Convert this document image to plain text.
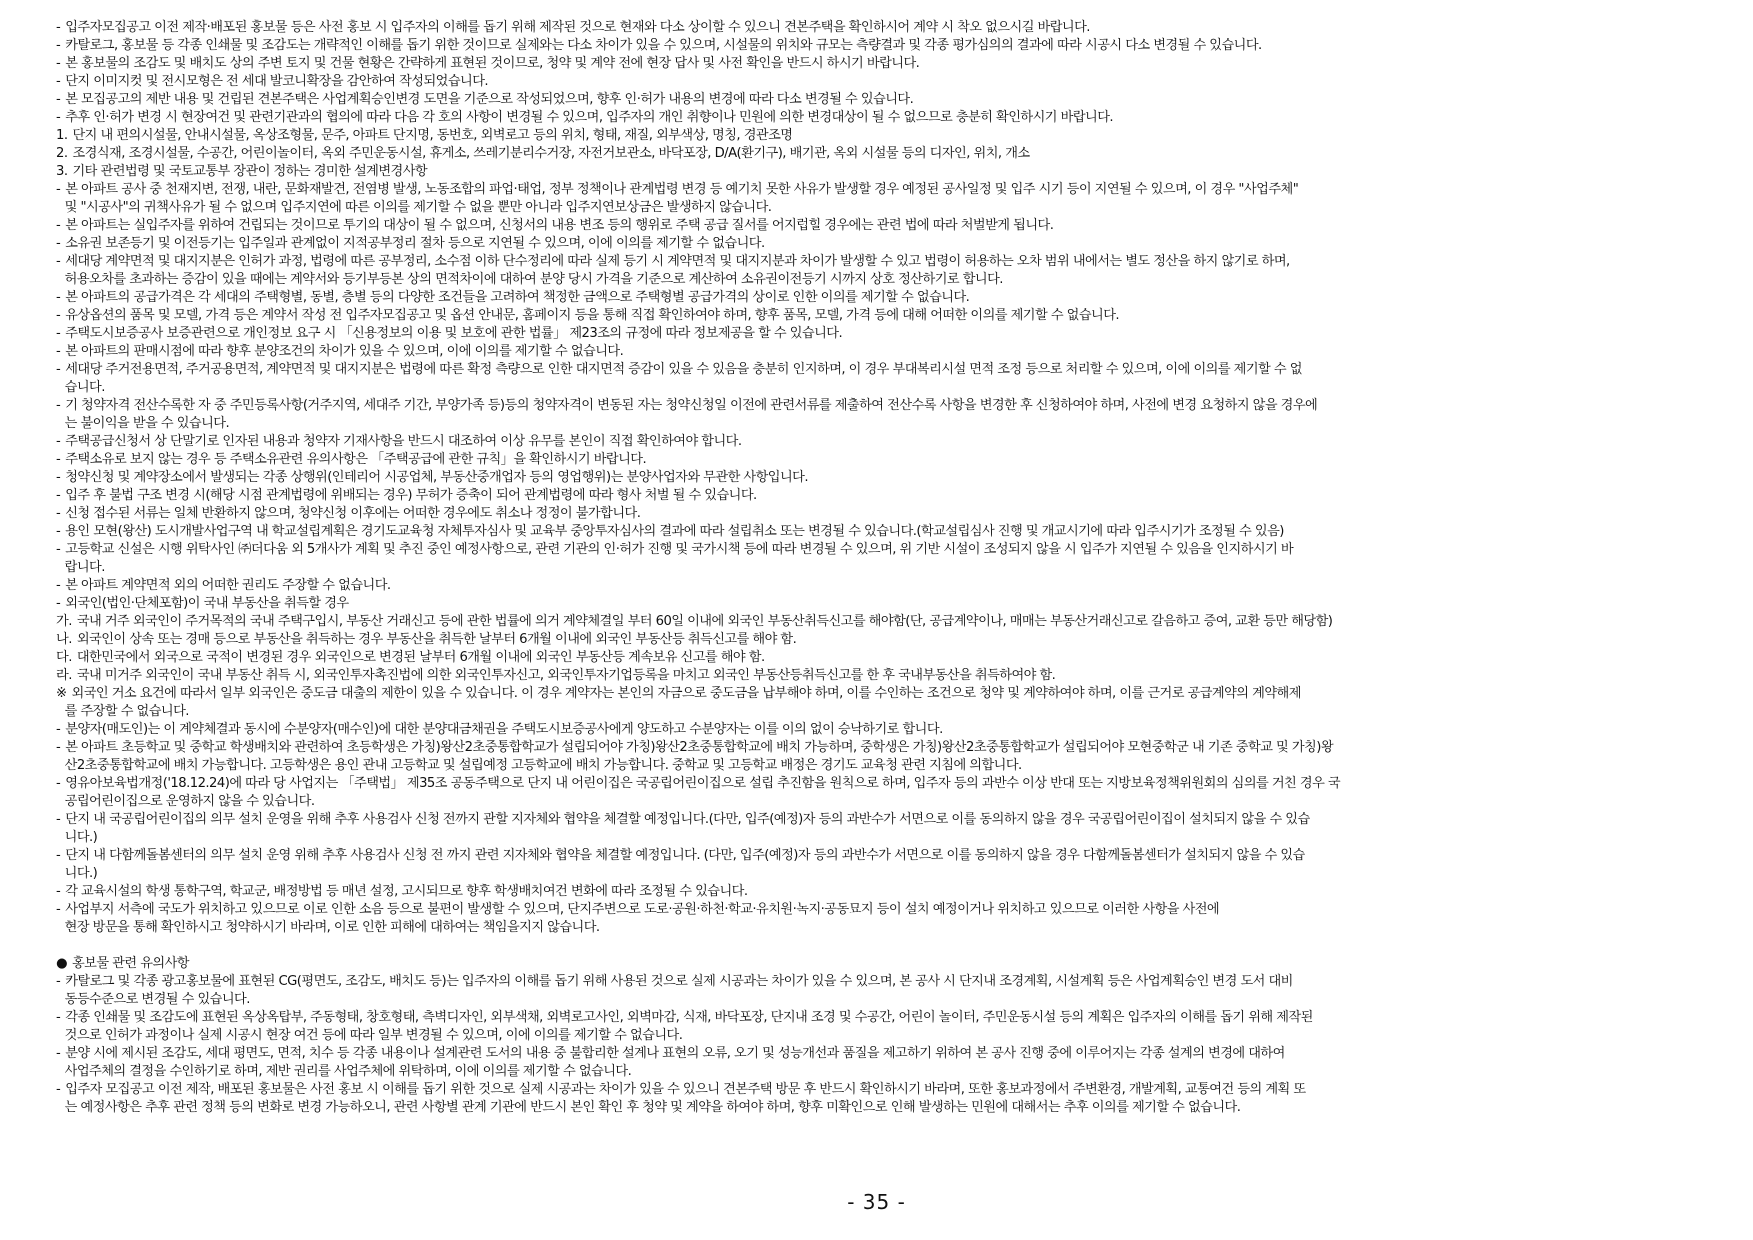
- 입주자모집공고 이전 제작·배포된 홍보물 등은 사전 홍보 시 입주자의 이해를 돕기 위해 제작된 것으로 현재와 다소 상이할 수 있으니 견본주택을 확인하시어 계약 시 착오 없으시길 바랍니다.
- 카탈로그, 홍보물 등 각종 인쇄물 및 조감도는 개략적인 이해를 돕기 위한 것이므로 실제와는 다소 차이가 있을 수 있으며, 시설물의 위치와 규모는 측량결과 및 각종 평가심의의 결과에 따라 시공시 다소 변경될 수 있습니다.
- 본 홍보물의 조감도 및 배치도 상의 주변 토지 및 건물 현황은 간략하게 표현된 것이므로, 청약 및 계약 전에 현장 답사 및 사전 확인을 반드시 하시기 바랍니다.
- 단지 이미지컷 및 전시모형은 전 세대 발코니확장을 감안하여 작성되었습니다.
- 본 모집공고의 제반 내용 및 건립된 견본주택은 사업계획승인변경 도면을 기준으로 작성되었으며, 향후 인·허가 내용의 변경에 따라 다소 변경될 수 있습니다.
- 추후 인·허가 변경 시 현장여건 및 관련기관과의 협의에 따라 다음 각 호의 사항이 변경될 수 있으며, 입주자의 개인 취향이나 민원에 의한 변경대상이 될 수 없으므로 충분히 확인하시기 바랍니다.
1. 단지 내 편의시설물, 안내시설물, 옥상조형물, 문주, 아파트 단지명, 동번호, 외벽로고 등의 위치, 형태, 재질, 외부색상, 명칭, 경관조명
2. 조경식재, 조경시설물, 수공간, 어린이놀이터, 옥외 주민운동시설, 휴게소, 쓰레기분리수거장, 자전거보관소, 바닥포장, D/A(환기구), 배기관, 옥외 시설물 등의 디자인, 위치, 개소
3. 기타 관련법령 및 국토교통부 장관이 정하는 경미한 설계변경사항
- 본 아파트 공사 중 천재지변, 전쟁, 내란, 문화재발견, 전염병 발생, 노동조합의 파업·태업, 정부 정책이나 관계법령 변경 등 예기치 못한 사유가 발생할 경우 예정된 공사일정 및 입주 시기 등이 지연될 수 있으며, 이 경우 "사업주체"

및 "시공사"의 귀책사유가 될 수 없으며 입주지연에 따른 이의를 제기할 수 없을 뿐만 아니라 입주지연보상금은 발생하지 않습니다.
- 본 아파트는 실입주자를 위하여 건립되는 것이므로 투기의 대상이 될 수 없으며, 신청서의 내용 변조 등의 행위로 주택 공급 질서를 어지럽힐 경우에는 관련 법에 따라 처벌받게 됩니다.
- 소유권 보존등기 및 이전등기는 입주일과 관계없이 지적공부정리 절차 등으로 지연될 수 있으며, 이에 이의를 제기할 수 없습니다.
- 세대당 계약면적 및 대지지분은 인허가 과정, 법령에 따른 공부정리, 소수점 이하 단수정리에 따라 실제 등기 시 계약면적 및 대지지분과 차이가 발생할 수 있고 법령이 허용하는 오차 범위 내에서는 별도 정산을 하지 않기로 하며,

허용오차를 초과하는 증감이 있을 때에는 계약서와 등기부등본 상의 면적차이에 대하여 분양 당시 가격을 기준으로 계산하여 소유권이전등기 시까지 상호 정산하기로 합니다.
- 본 아파트의 공급가격은 각 세대의 주택형별, 동별, 층별 등의 다양한 조건들을 고려하여 책정한 금액으로 주택형별 공급가격의 상이로 인한 이의를 제기할 수 없습니다.
- 유상옵션의 품목 및 모델, 가격 등은 계약서 작성 전 입주자모집공고 및 옵션 안내문, 홈페이지 등을 통해 직접 확인하여야 하며, 향후 품목, 모델, 가격 등에 대해 어떠한 이의를 제기할 수 없습니다.
- 주택도시보증공사 보증관련으로 개인정보 요구 시 「신용정보의 이용 및 보호에 관한 법률」 제23조의 규정에 따라 정보제공을 할 수 있습니다.
- 본 아파트의 판매시점에 따라 향후 분양조건의 차이가 있을 수 있으며, 이에 이의를 제기할 수 없습니다.
- 세대당 주거전용면적, 주거공용면적, 계약면적 및 대지지분은 법령에 따른 확정 측량으로 인한 대지면적 증감이 있을 수 있음을 충분히 인지하며, 이 경우 부대복리시설 면적 조정 등으로 처리할 수 있으며, 이에 이의를 제기할 수 없

습니다.
- 기 청약자격 전산수록한 자 중 주민등록사항(거주지역, 세대주 기간, 부양가족 등)등의 청약자격이 변동된 자는 청약신청일 이전에 관련서류를 제출하여 전산수록 사항을 변경한 후 신청하여야 하며, 사전에 변경 요청하지 않을 경우에

는 불이익을 받을 수 있습니다.
- 주택공급신청서 상 단말기로 인자된 내용과 청약자 기재사항을 반드시 대조하여 이상 유무를 본인이 직접 확인하여야 합니다.
- 주택소유로 보지 않는 경우 등 주택소유관련 유의사항은 「주택공급에 관한 규칙」을 확인하시기 바랍니다.
- 청약신청 및 계약장소에서 발생되는 각종 상행위(인테리어 시공업체, 부동산중개업자 등의 영업행위)는 분양사업자와 무관한 사항입니다.
- 입주 후 불법 구조 변경 시(해당 시점 관계법령에 위배되는 경우) 무허가 증축이 되어 관계법령에 따라 형사 처벌 될 수 있습니다.
- 신청 접수된 서류는 일체 반환하지 않으며, 청약신청 이후에는 어떠한 경우에도 취소나 정정이 불가합니다.
- 용인 모현(왕산) 도시개발사업구역 내 학교설립계획은 경기도교육청 자체투자심사 및 교육부 중앙투자심사의 결과에 따라 설립취소 또는 변경될 수 있습니다.(학교설립심사 진행 및 개교시기에 따라 입주시기가 조정될 수 있음)
- 고등학교 신설은 시행 위탁사인 ㈜더다움 외 5개사가 계획 및 추진 중인 예정사항으로, 관련 기관의 인·허가 진행 및 국가시책 등에 따라 변경될 수 있으며, 위 기반 시설이 조성되지 않을 시 입주가 지연될 수 있음을 인지하시기 바

랍니다.
- 본 아파트 계약면적 외의 어떠한 권리도 주장할 수 없습니다.
- 외국인(법인·단체포함)이 국내 부동산을 취득할 경우
가. 국내 거주 외국인이 주거목적의 국내 주택구입시, 부동산 거래신고 등에 관한 법률에 의거 계약체결일 부터 60일 이내에 외국인 부동산취득신고를 해야함(단, 공급계약이나, 매매는 부동산거래신고로 갈음하고 증여, 교환 등만 해당함)
나. 외국인이 상속 또는 경매 등으로 부동산을 취득하는 경우 부동산을 취득한 날부터 6개월 이내에 외국인 부동산등 취득신고를 해야 함.
다. 대한민국에서 외국으로 국적이 변경된 경우 외국인으로 변경된 날부터 6개월 이내에 외국인 부동산등 계속보유 신고를 해야 함.
라. 국내 미거주 외국인이 국내 부동산 취득 시, 외국인투자촉진법에 의한 외국인투자신고, 외국인투자기업등록을 마치고 외국인 부동산등취득신고를 한 후 국내부동산을 취득하여야 함.
※ 외국인 거소 요건에 따라서 일부 외국인은 중도금 대출의 제한이 있을 수 있습니다. 이 경우 계약자는 본인의 자금으로 중도금을 납부해야 하며, 이를 수인하는 조건으로 청약 및 계약하여야 하며, 이를 근거로 공급계약의 계약해제

를 주장할 수 없습니다.
- 분양자(매도인)는 이 계약체결과 동시에 수분양자(매수인)에 대한 분양대금채권을 주택도시보증공사에게 양도하고 수분양자는 이를 이의 없이 승낙하기로 합니다.
- 본 아파트 초등학교 및 중학교 학생배치와 관련하여 초등학생은 가칭)왕산2초중통합학교가 설립되어야 가칭)왕산2초중통합학교에 배치 가능하며, 중학생은 가칭)왕산2초중통합학교가 설립되어야 모현중학군 내 기존 중학교 및 가칭)왕

산2초중통합학교에 배치 가능합니다. 고등학생은 용인 관내 고등학교 및 설립예정 고등학교에 배치 가능합니다. 중학교 및 고등학교 배정은 경기도 교육청 관련 지침에 의합니다.
- 영유아보육법개정('18.12.24)에 따라 당 사업지는 「주택법」 제35조 공동주택으로 단지 내 어린이집은 국공립어린이집으로 설립 추진함을 원칙으로 하며, 입주자 등의 과반수 이상 반대 또는 지방보육정책위원회의 심의를 거친 경우 국

공립어린이집으로 운영하지 않을 수 있습니다.
- 단지 내 국공립어린이집의 의무 설치 운영을 위해 추후 사용검사 신청 전까지 관할 지자체와 협약을 체결할 예정입니다.(다만, 입주(예정)자 등의 과반수가 서면으로 이를 동의하지 않을 경우 국공립어린이집이 설치되지 않을 수 있습

니다.)
- 단지 내 다함께돌봄센터의 의무 설치 운영 위해 추후 사용검사 신청 전 까지 관련 지자체와 협약을 체결할 예정입니다. (다만, 입주(예정)자 등의 과반수가 서면으로 이를 동의하지 않을 경우 다함께돌봄센터가 설치되지 않을 수 있습

니다.)
- 각 교육시설의 학생 통학구역, 학교군, 배정방법 등 매년 설정, 고시되므로 향후 학생배치여건 변화에 따라 조정될 수 있습니다.
- 사업부지 서측에 국도가 위치하고 있으므로 이로 인한 소음 등으로 불편이 발생할 수 있으며, 단지주변으로 도로·공원·하천·학교·유치원·녹지·공동묘지 등이 설치 예정이거나 위치하고 있으므로 이러한 사항을 사전에

현장 방문을 통해 확인하시고 청약하시기 바라며, 이로 인한 피해에 대하여는 책임을지지 않습니다.
● 홍보물 관련 유의사항
- 카탈로그 및 각종 광고홍보물에 표현된 CG(평면도, 조감도, 배치도 등)는 입주자의 이해를 돕기 위해 사용된 것으로 실제 시공과는 차이가 있을 수 있으며, 본 공사 시 단지내 조경계획, 시설계획 등은 사업계획승인 변경 도서 대비

동등수준으로 변경될 수 있습니다.
- 각종 인쇄물 및 조감도에 표현된 옥상옥탑부, 주동형태, 창호형태, 측벽디자인, 외부색채, 외벽로고사인, 외벽마감, 식재, 바닥포장, 단지내 조경 및 수공간, 어린이 놀이터, 주민운동시설 등의 계획은 입주자의 이해를 돕기 위해 제작된

것으로 인허가 과정이나 실제 시공시 현장 여건 등에 따라 일부 변경될 수 있으며, 이에 이의를 제기할 수 없습니다.
- 분양 시에 제시된 조감도, 세대 평면도, 면적, 치수 등 각종 내용이나 설계관련 도서의 내용 중 불합리한 설계나 표현의 오류, 오기 및 성능개선과 품질을 제고하기 위하여 본 공사 진행 중에 이루어지는 각종 설계의 변경에 대하여

사업주체의 결정을 수인하기로 하며, 제반 권리를 사업주체에 위탁하며, 이에 이의를 제기할 수 없습니다.
- 입주자 모집공고 이전 제작, 배포된 홍보물은 사전 홍보 시 이해를 돕기 위한 것으로 실제 시공과는 차이가 있을 수 있으니 견본주택 방문 후 반드시 확인하시기 바라며, 또한 홍보과정에서 주변환경, 개발계획, 교통여건 등의 계획 또

는 예정사항은 추후 관련 정책 등의 변화로 변경 가능하오니, 관련 사항별 관계 기관에 반드시 본인 확인 후 청약 및 계약을 하여야 하며, 향후 미확인으로 인해 발생하는 민원에 대해서는 추후 이의를 제기할 수 없습니다.
- 35 -
